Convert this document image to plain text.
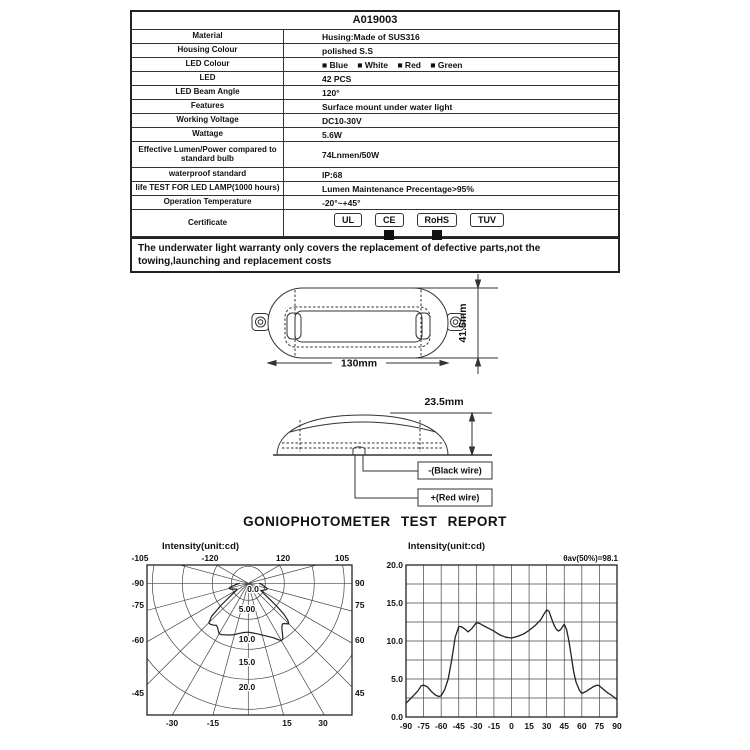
A019003
Material	Husing:Made of SUS316
Housing Colour	polished S.S
LED Colour	■ Blue    ■ White    ■ Red    ■ Green
LED	42 PCS
LED Beam Angle	120°
Features	Surface mount under water light
Working Voltage	DC10-30V
Wattage	5.6W
Effective Lumen/Power compared to standard bulb	74Lnmen/50W
waterproof standard	IP:68
life TEST FOR LED LAMP(1000 hours)	Lumen Maintenance Precentage>95%
Operation Temperature	-20°~+45°
Certificate	UL	CE	RoHS	TUV
The underwater light warranty only covers the replacement of defective parts,not the towing,launching and replacement costs
130mm
41.5mm
23.5mm
-(Black wire)
+(Red wire)
GONIOPHOTOMETER TEST REPORT
Intensity(unit:cd)
-105	-120	120	105
-90
-75
-60
-45
90
75
60
45
-30	-15	15	30
0.0
5.00
10.0
15.0
20.0
Intensity(unit:cd)
θav(50%)=98.1
0.0
5.0
10.0
15.0
20.0
-90 -75 -60 -45 -30 -15 0 15 30 45 60 75 90
